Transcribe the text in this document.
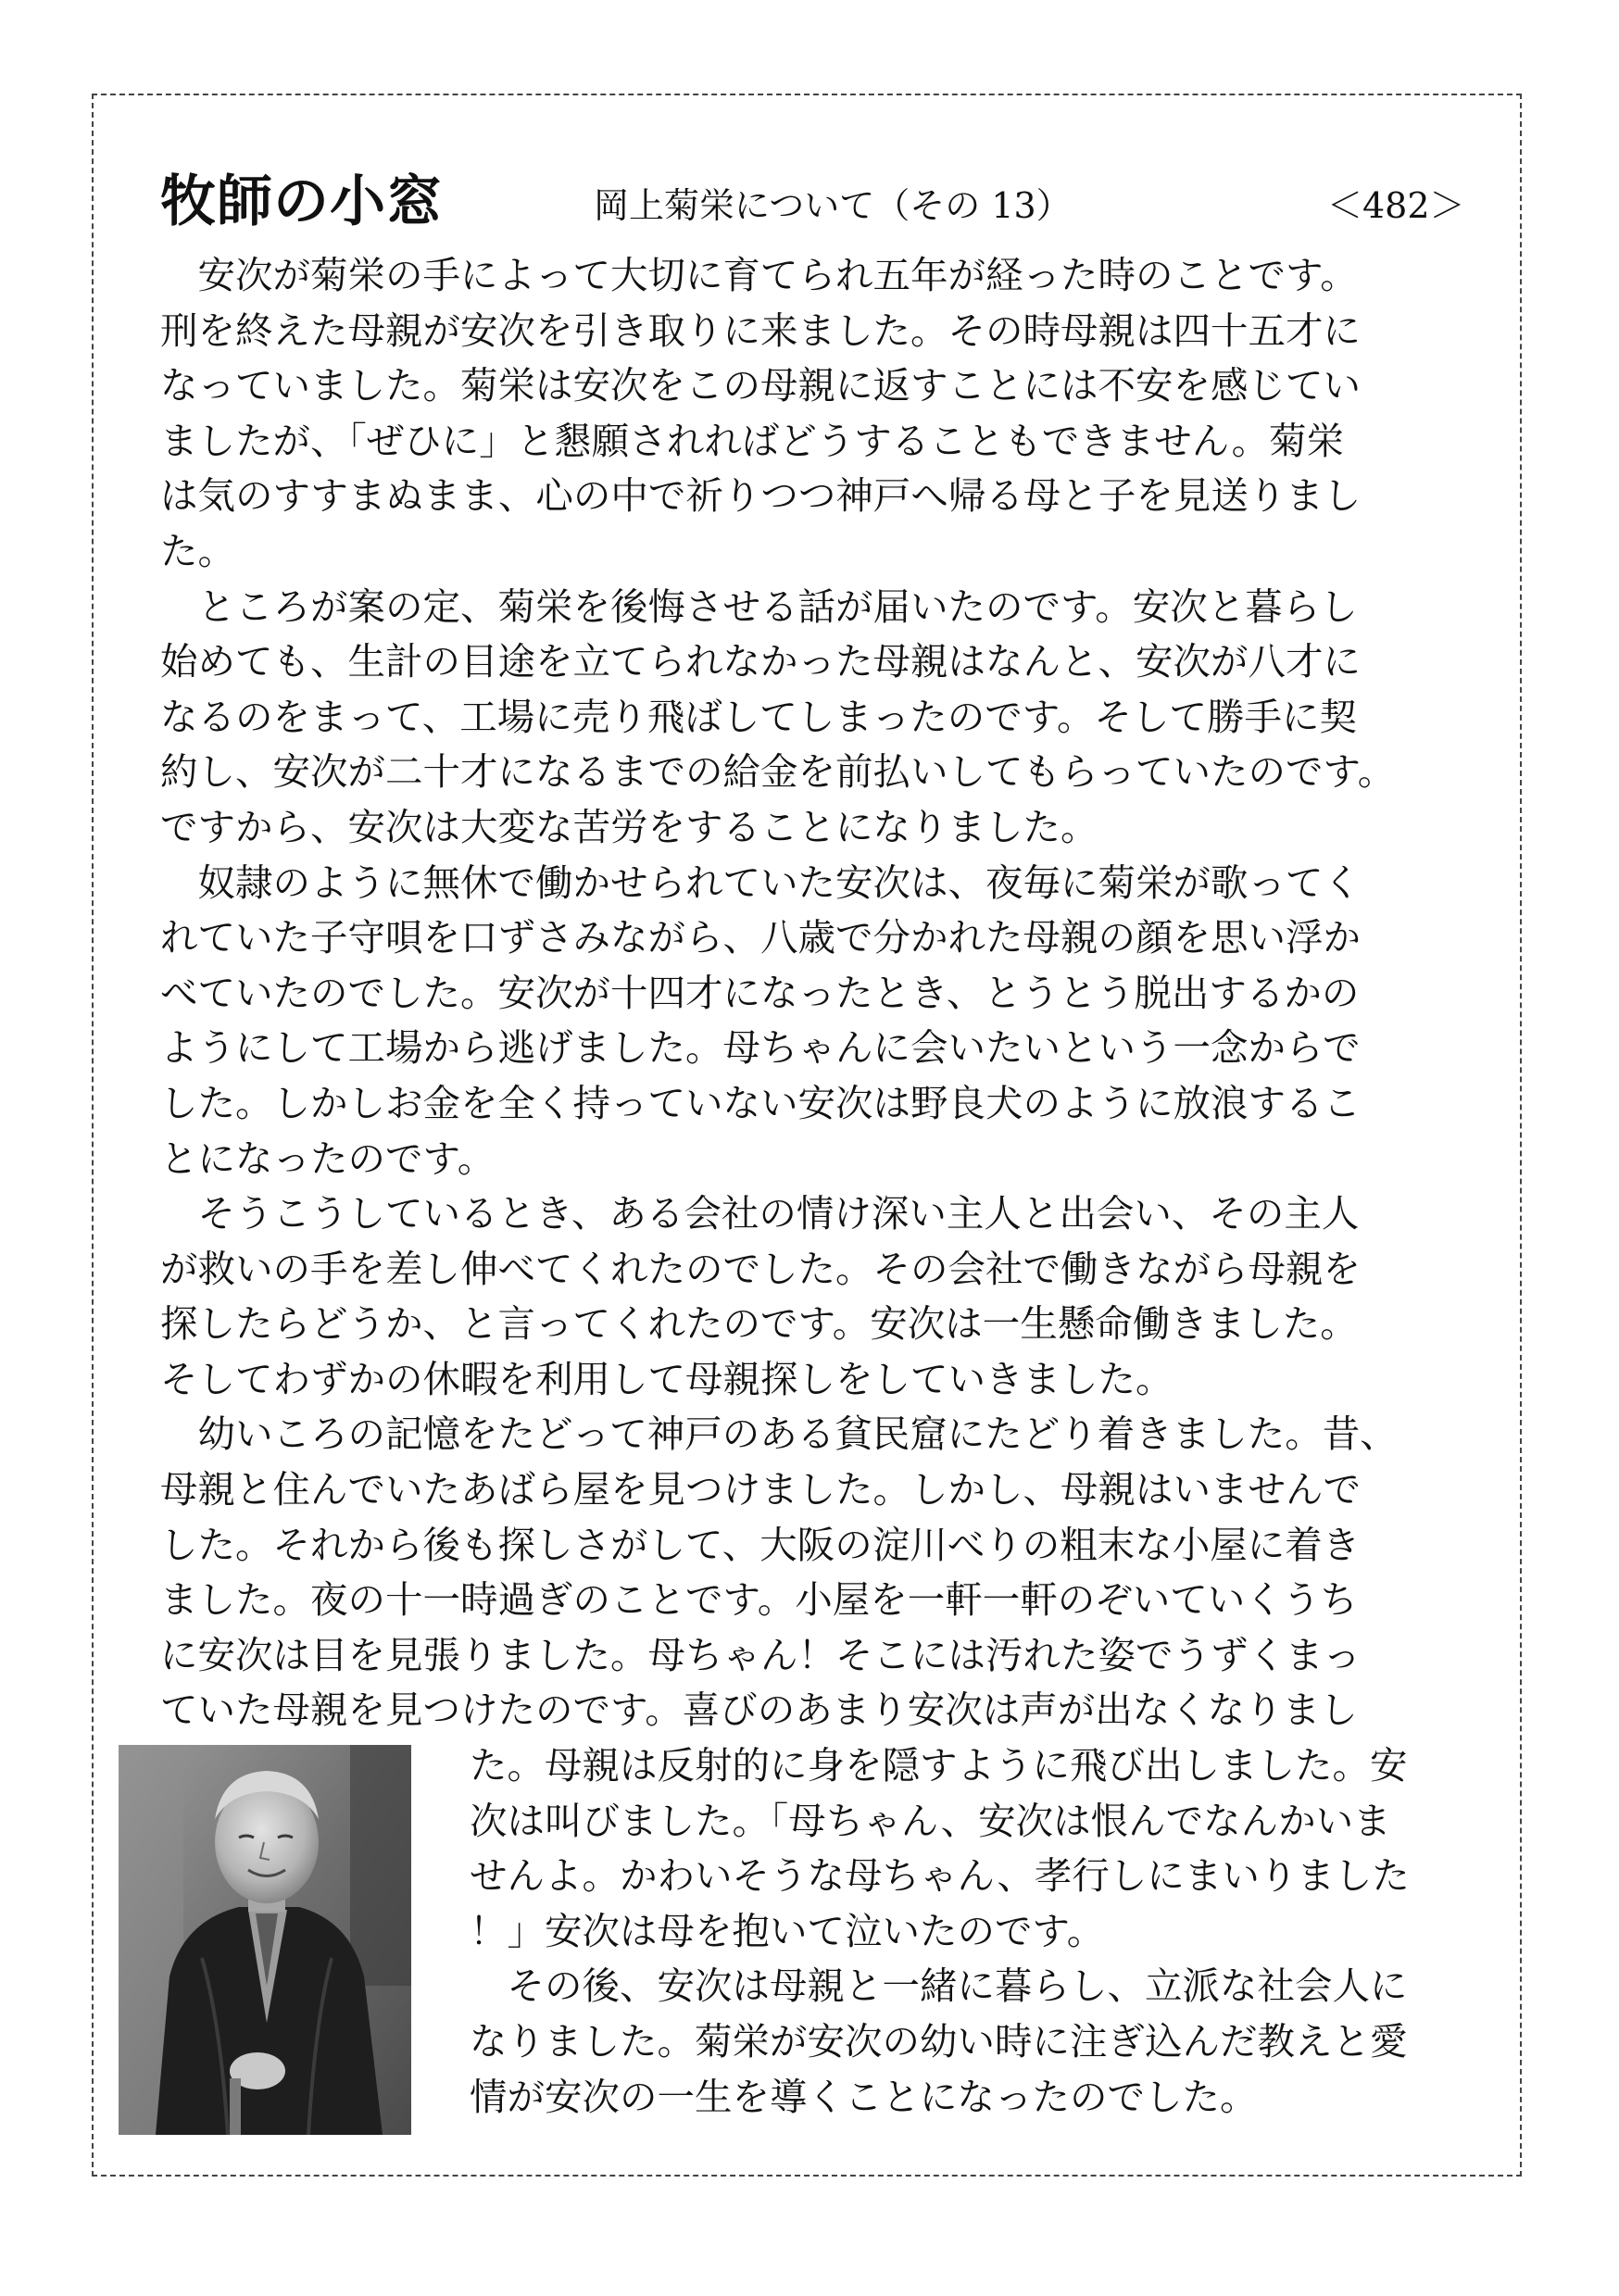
牧師の小窓	岡上菊栄について（その 13）	＜482＞
　安次が菊栄の手によって大切に育てられ五年が経った時のことです。
刑を終えた母親が安次を引き取りに来ました。その時母親は四十五才に
なっていました。菊栄は安次をこの母親に返すことには不安を感じてい
ましたが、「ぜひに」と懇願されればどうすることもできません。菊栄
は気のすすまぬまま、心の中で祈りつつ神戸へ帰る母と子を見送りまし
た。
　ところが案の定、菊栄を後悔させる話が届いたのです。安次と暮らし
始めても、生計の目途を立てられなかった母親はなんと、安次が八才に
なるのをまって、工場に売り飛ばしてしまったのです。そして勝手に契
約し、安次が二十才になるまでの給金を前払いしてもらっていたのです。
ですから、安次は大変な苦労をすることになりました。
　奴隷のように無休で働かせられていた安次は、夜毎に菊栄が歌ってく
れていた子守唄を口ずさみながら、八歳で分かれた母親の顔を思い浮か
べていたのでした。安次が十四才になったとき、とうとう脱出するかの
ようにして工場から逃げました。母ちゃんに会いたいという一念からで
した。しかしお金を全く持っていない安次は野良犬のように放浪するこ
とになったのです。
　そうこうしているとき、ある会社の情け深い主人と出会い、その主人
が救いの手を差し伸べてくれたのでした。その会社で働きながら母親を
探したらどうか、と言ってくれたのです。安次は一生懸命働きました。
そしてわずかの休暇を利用して母親探しをしていきました。
　幼いころの記憶をたどって神戸のある貧民窟にたどり着きました。昔、
母親と住んでいたあばら屋を見つけました。しかし、母親はいませんで
した。それから後も探しさがして、大阪の淀川べりの粗末な小屋に着き
ました。夜の十一時過ぎのことです。小屋を一軒一軒のぞいていくうち
に安次は目を見張りました。母ちゃん！そこには汚れた姿でうずくまっ
ていた母親を見つけたのです。喜びのあまり安次は声が出なくなりまし
た。母親は反射的に身を隠すように飛び出しました。安
次は叫びました。「母ちゃん、安次は恨んでなんかいま
せんよ。かわいそうな母ちゃん、孝行しにまいりました
！」安次は母を抱いて泣いたのです。
　その後、安次は母親と一緒に暮らし、立派な社会人に
なりました。菊栄が安次の幼い時に注ぎ込んだ教えと愛
情が安次の一生を導くことになったのでした。
